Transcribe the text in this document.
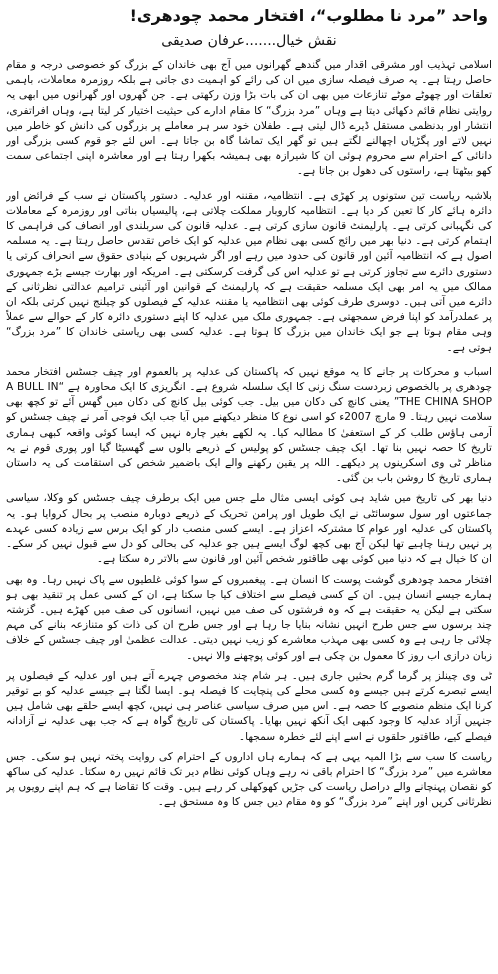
واحد ”مرد نا مطلوب“، افتخار محمد چودھری!
نقش خیال.......عرفان صدیقی

اسلامی تہذیب اور مشرقی اقدار میں گندھے گھرانوں میں آج بھی خاندان کے بزرگ کو خصوصی درجہ و مقام حاصل رہتا ہے۔ یہ صرف فیصلہ سازی میں ان کی رائے کو اہمیت دی جاتی ہے بلکہ روزمرہ معاملات، باہمی تعلقات اور چھوٹے موٹے تنازعات میں بھی ان کی بات بڑا وزن رکھتی ہے۔ جن گھروں اور گھرانوں میں ابھی یہ روایتی نظام قائم دکھائی دیتا ہے وہاں ”مرد بزرگ“ کا مقام ادارے کی حیثیت اختیار کر لیتا ہے، وہاں افراتفری، انتشار اور بدنظمی مستقل ڈیرے ڈال لیتی ہے۔ طفلان خود سر ہر معاملے پر بزرگوں کی دانش کو خاطر میں نہیں لاتے اور پگڑیاں اچھالنے لگتے ہیں تو گھر ایک تماشا گاہ بن جاتا ہے۔ اس لئے جو قوم کسی بزرگی اور دانائی کے احترام سے محروم ہوئی ان کا شیرازہ بھی ہمیشہ بکھرا رہتا ہے اور معاشرہ اپنی اجتماعی سمت کھو بیٹھتا ہے، راستوں کی دھول بن جاتا ہے۔

بلاشبہ ریاست تین ستونوں پر کھڑی ہے۔ انتظامیہ، مقننہ اور عدلیہ۔ دستور پاکستان نے سب کے فرائض اور دائرہ ہائے کار کا تعین کر دیا ہے۔ انتظامیہ کاروبار مملکت چلاتی ہے، پالیسیاں بناتی اور روزمرہ کے معاملات کی نگہبانی کرتی ہے۔ پارلیمنٹ قانون سازی کرتی ہے۔ عدلیہ قانون کی سربلندی اور انصاف کی فراہمی کا اہتمام کرتی ہے۔ دنیا بھر میں رائج کسی بھی نظام میں عدلیہ کو ایک خاص تقدس حاصل رہتا ہے۔ یہ مسلمہ اصول ہے کہ انتظامیہ آئین اور قانون کی حدود میں رہے اور اگر شہریوں کے بنیادی حقوق سے انحراف کرتی یا دستوری دائرے سے تجاوز کرتی ہے تو عدلیہ اس کی گرفت کرسکتی ہے۔ امریکہ اور بھارت جیسے بڑے جمہوری ممالک میں یہ امر بھی ایک مسلمہ حقیقت ہے کہ پارلیمنٹ کے قوانین اور آئینی ترامیم عدالتی نظرثانی کے دائرے میں آتی ہیں۔ دوسری طرف کوئی بھی انتظامیہ یا مقننہ عدلیہ کے فیصلوں کو چیلنج نہیں کرتی بلکہ ان پر عملدرآمد کو اپنا فرض سمجھتی ہے۔ جمہوری ملک میں عدلیہ کا اپنے دستوری دائرہ کار کے حوالے سے عملاً وہی مقام ہوتا ہے جو ایک خاندان میں بزرگ کا ہوتا ہے۔ عدلیہ کسی بھی ریاستی خاندان کا ”مرد بزرگ“ ہوتی ہے۔

اسباب و محرکات پر جانے کا یہ موقع نہیں کہ پاکستان کی عدلیہ پر بالعموم اور چیف جسٹس افتخار محمد چودھری پر بالخصوص زبردست سنگ زنی کا ایک سلسلہ شروع ہے۔ انگریزی کا ایک محاورہ ہے “A BULL IN THE CHINA SHOP” یعنی کانچ کی دکان میں بیل۔ جب کوئی بیل کانچ کی دکان میں گھس آئے تو کچھ بھی سلامت نہیں رہتا۔ 9 مارچ 2007ء کو اسی نوع کا منظر دیکھنے میں آیا جب ایک فوجی آمر نے چیف جسٹس کو آرمی ہاؤس طلب کر کے استعفیٰ کا مطالبہ کیا۔ یہ لکھے بغیر چارہ نہیں کہ ایسا کوئی واقعہ کبھی ہماری تاریخ کا حصہ نہیں بنا تھا۔ ایک چیف جسٹس کو پولیس کے ذریعے بالوں سے گھسیٹا گیا اور پوری قوم نے یہ مناظر ٹی وی اسکرینوں پر دیکھے۔ اللہ پر یقین رکھنے والے ایک باضمیر شخص کی استقامت کی یہ داستان ہماری تاریخ کا روشن باب بن گئی۔

دنیا بھر کی تاریخ میں شاید ہی کوئی ایسی مثال ملے جس میں ایک برطرف چیف جسٹس کو وکلا، سیاسی جماعتوں اور سول سوسائٹی نے ایک طویل اور پرامن تحریک کے ذریعے دوبارہ منصب پر بحال کروایا ہو۔ یہ پاکستان کی عدلیہ اور عوام کا مشترکہ اعزاز ہے۔ ایسے کسی منصب دار کو ایک برس سے زیادہ کسی عہدے پر نہیں رہنا چاہیے تھا لیکن آج بھی کچھ لوگ ایسے ہیں جو عدلیہ کی بحالی کو دل سے قبول نہیں کر سکے۔ ان کا خیال ہے کہ دنیا میں کوئی بھی طاقتور شخص آئین اور قانون سے بالاتر رہ سکتا ہے۔

افتخار محمد چودھری گوشت پوست کا انسان ہے۔ پیغمبروں کے سوا کوئی غلطیوں سے پاک نہیں رہا۔ وہ بھی ہمارے جیسے انسان ہیں۔ ان کے کسی فیصلے سے اختلاف کیا جا سکتا ہے، ان کے کسی عمل پر تنقید بھی ہو سکتی ہے لیکن یہ حقیقت ہے کہ وہ فرشتوں کی صف میں نہیں، انسانوں کی صف میں کھڑے ہیں۔ گزشتہ چند برسوں سے جس طرح انہیں نشانہ بنایا جا رہا ہے اور جس طرح ان کی ذات کو متنازعہ بنانے کی مہم چلائی جا رہی ہے وہ کسی بھی مہذب معاشرے کو زیب نہیں دیتی۔ عدالت عظمیٰ اور چیف جسٹس کے خلاف زبان درازی اب روز کا معمول بن چکی ہے اور کوئی پوچھنے والا نہیں۔

ٹی وی چینلز پر گرما گرم بحثیں جاری ہیں۔ ہر شام چند مخصوص چہرے آتے ہیں اور عدلیہ کے فیصلوں پر ایسے تبصرے کرتے ہیں جیسے وہ کسی محلے کی پنچایت کا فیصلہ ہو۔ ایسا لگتا ہے جیسے عدلیہ کو بے توقیر کرنا ایک منظم منصوبے کا حصہ ہے۔ اس میں صرف سیاسی عناصر ہی نہیں، کچھ ایسے حلقے بھی شامل ہیں جنہیں آزاد عدلیہ کا وجود کبھی ایک آنکھ نہیں بھایا۔ پاکستان کی تاریخ گواہ ہے کہ جب بھی عدلیہ نے آزادانہ فیصلے کیے، طاقتور حلقوں نے اسے اپنے لئے خطرہ سمجھا۔

ریاست کا سب سے بڑا المیہ یہی ہے کہ ہمارے ہاں اداروں کے احترام کی روایت پختہ نہیں ہو سکی۔ جس معاشرے میں ”مرد بزرگ“ کا احترام باقی نہ رہے وہاں کوئی نظام دیر تک قائم نہیں رہ سکتا۔ عدلیہ کی ساکھ کو نقصان پہنچانے والے دراصل ریاست کی جڑیں کھوکھلی کر رہے ہیں۔ وقت کا تقاضا ہے کہ ہم اپنے رویوں پر نظرثانی کریں اور اپنے ”مرد بزرگ“ کو وہ مقام دیں جس کا وہ مستحق ہے۔
